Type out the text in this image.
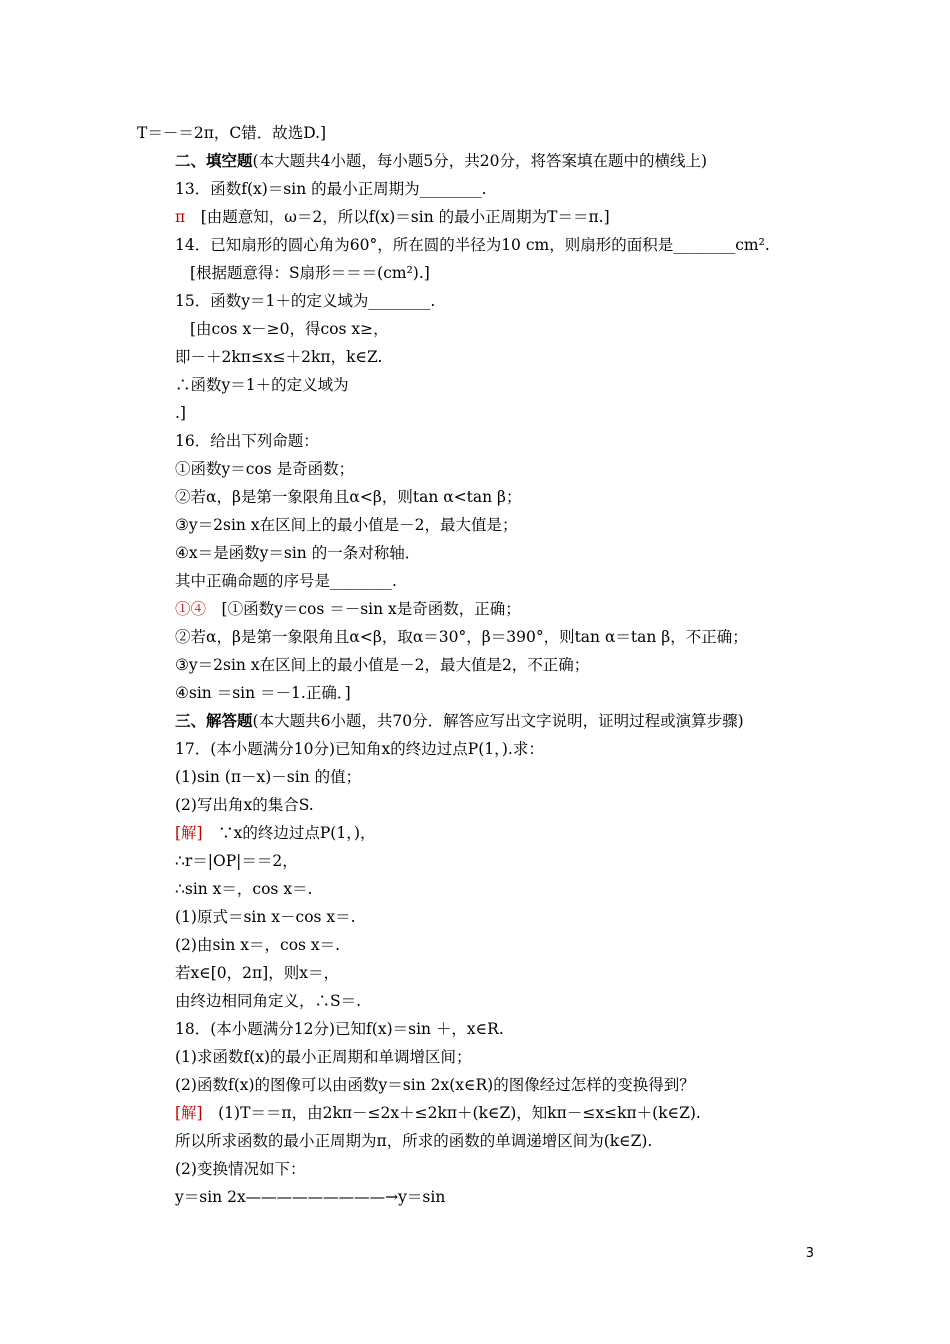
T＝－＝2π，C错．故选D.]
二、填空题(本大题共4小题，每小题5分，共20分，将答案填在题中的横线上)
13．函数f(x)＝sin 的最小正周期为________.
π　[由题意知，ω＝2，所以f(x)＝sin 的最小正周期为T＝＝π.]
14．已知扇形的圆心角为60°，所在圆的半径为10 cm，则扇形的面积是________cm².
[根据题意得：S扇形＝＝＝(cm²).]
15．函数y＝1＋的定义域为________.
[由cos x－≥0，得cos x≥，
即－＋2kπ≤x≤＋2kπ，k∈Z.
∴函数y＝1＋的定义域为
.]
16．给出下列命题：
①函数y＝cos 是奇函数；
②若α，β是第一象限角且α<β，则tan α<tan β；
③y＝2sin x在区间上的最小值是－2，最大值是；
④x＝是函数y＝sin 的一条对称轴．
其中正确命题的序号是________.
①④　[①函数y＝cos ＝－sin x是奇函数，正确；
②若α，β是第一象限角且α<β，取α＝30°，β＝390°，则tan α＝tan β，不正确；
③y＝2sin x在区间上的最小值是－2，最大值是2，不正确；
④sin ＝sin ＝－1.正确．]
三、解答题(本大题共6小题，共70分．解答应写出文字说明，证明过程或演算步骤)
17．(本小题满分10分)已知角x的终边过点P(1，).求：
(1)sin (π－x)－sin 的值；
(2)写出角x的集合S.
[解]　∵x的终边过点P(1，)，
∴r＝|OP|＝＝2，
∴sin x＝，cos x＝.
(1)原式＝sin x－cos x＝.
(2)由sin x＝，cos x＝.
若x∈[0，2π]，则x＝，
由终边相同角定义，∴S＝.
18．(本小题满分12分)已知f(x)＝sin ＋，x∈R.
(1)求函数f(x)的最小正周期和单调增区间；
(2)函数f(x)的图像可以由函数y＝sin 2x(x∈R)的图像经过怎样的变换得到？
[解]　(1)T＝＝π，由2kπ－≤2x＋≤2kπ＋(k∈Z)，知kπ－≤x≤kπ＋(k∈Z).
所以所求函数的最小正周期为π，所求的函数的单调递增区间为(k∈Z).
(2)变换情况如下：
y＝sin 2x—————————→y＝sin
3
